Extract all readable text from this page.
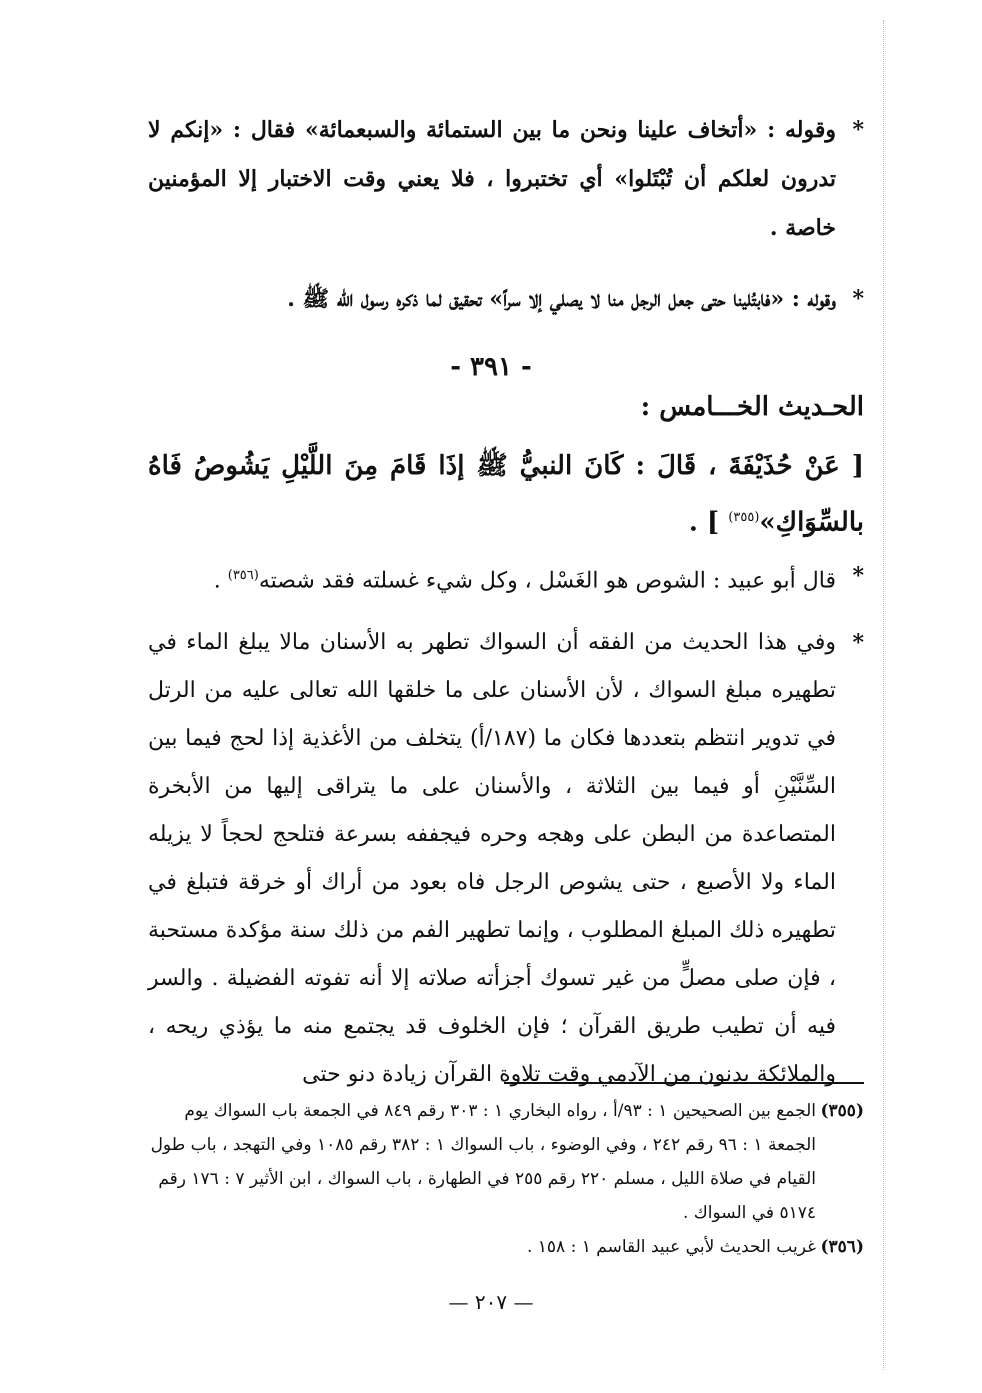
*
وقوله : «أتخاف علينا ونحن ما بين الستمائة والسبعمائة» فقال : «إنكم لا تدرون لعلكم أن تُبْتَلوا» أي تختبروا ، فلا يعني وقت الاختبار إلا المؤمنين خاصة .
*
وقوله : «فابتُلينا حتى جعل الرجل منا لا يصلي إلا سراً» تحقيق لما ذكره رسول الله ﷺ .
- ٣٩١ -
الحـديث الخـــامس :
[ عَنْ حُذَيْفَةَ ، قَالَ : كَانَ النبيُّ ﷺ إذَا قَامَ مِنَ اللَّيْلِ يَشُوصُ فَاهُ بالسِّوَاكِ»$^{(٣٥٥)}$ ] .
*
قال أبو عبيد : الشوص هو الغَسْل ، وكل شيء غسلته فقد شصته$^{(٣٥٦)}$ .
*
وفي هذا الحديث من الفقه أن السواك تطهر به الأسنان مالا يبلغ الماء في تطهيره مبلغ السواك ، لأن الأسنان على ما خلقها الله تعالى عليه من الرتل في تدوير انتظم بتعددها فكان ما (١٨٧/أ) يتخلف من الأغذية إذا لحج فيما بين السِّنَّيْنِ أو فيما بين الثلاثة ، والأسنان على ما يتراقى إليها من الأبخرة المتصاعدة من البطن على وهجه وحره فيجففه بسرعة فتلحج لحجاً لا يزيله الماء ولا الأصبع ، حتى يشوص الرجل فاه بعود من أراك أو خرقة فتبلغ في تطهيره ذلك المبلغ المطلوب ، وإنما تطهير الفم من ذلك سنة مؤكدة مستحبة ، فإن صلى مصلٍّ من غير تسوك أجزأته صلاته إلا أنه تفوته الفضيلة . والسر فيه أن تطيب طريق القرآن ؛ فإن الخلوف قد يجتمع منه ما يؤذي ريحه ، والملائكة يدنون من الآدمي وقت تلاوة القرآن زيادة دنو حتى
(٣٥٥)
الجمع بين الصحيحين ١ : ٩٣/أ ، رواه البخاري ١ : ٣٠٣ رقم ٨٤٩ في الجمعة باب السواك يوم الجمعة ١ : ٩٦ رقم ٢٤٢ ، وفي الوضوء ، باب السواك ١ : ٣٨٢ رقم ١٠٨٥ وفي التهجد ، باب طول القيام في صلاة الليل ، مسلم ٢٢٠ رقم ٢٥٥ في الطهارة ، باب السواك ، ابن الأثير ٧ : ١٧٦ رقم ٥١٧٤ في السواك .
(٣٥٦)
غريب الحديث لأبي عبيد القاسم ١ : ١٥٨ .
— ٢٠٧ —
